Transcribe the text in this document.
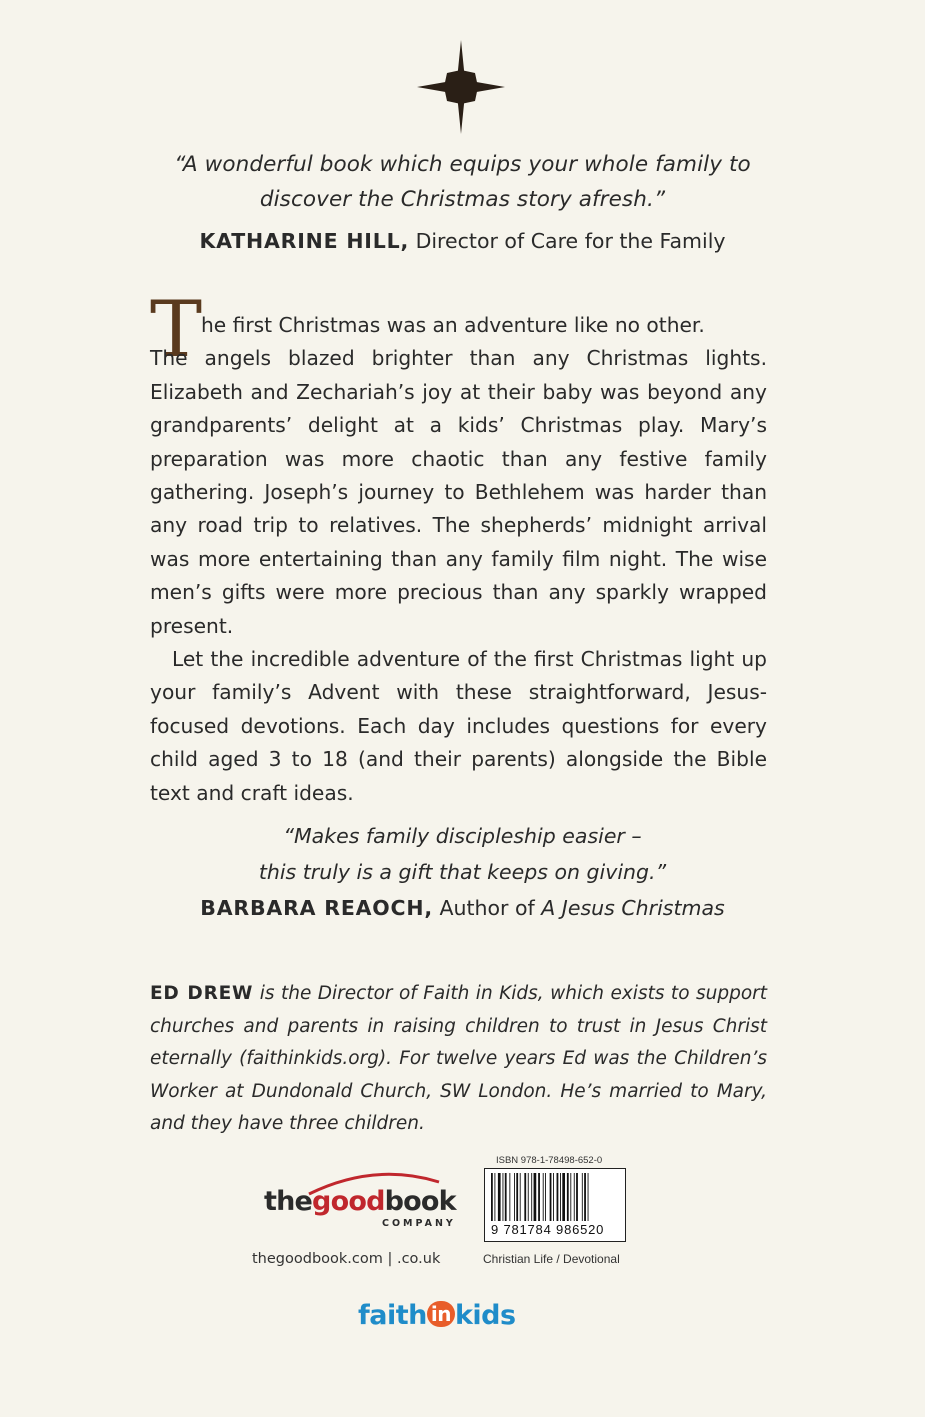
“A wonderful book which equips your whole family to
discover the Christmas story afresh.”
KATHARINE HILL, Director of Care for the Family
T

he first Christmas was an adventure like no other.
The angels blazed brighter than any Christmas lights. Elizabeth and Zechariah’s joy at their baby was beyond any grandparents’ delight at a kids’ Christmas play. Mary’s preparation was more chaotic than any festive family gathering. Joseph’s journey to Bethlehem was harder than any road trip to relatives. The shepherds’ midnight arrival was more entertaining than any family film night. The wise men’s gifts were more precious than any sparkly wrapped present.

Let the incredible adventure of the first Christmas light up your family’s Advent with these straightforward, Jesus-focused devotions. Each day includes questions for every child aged 3 to 18 (and their parents) alongside the Bible text and craft ideas.

“Makes family discipleship easier –
this truly is a gift that keeps on giving.”
BARBARA REAOCH, Author of A Jesus Christmas
ED DREW is the Director of Faith in Kids, which exists to support churches and parents in raising children to trust in Jesus Christ eternally (faithinkids.org). For twelve years Ed was the Children’s Worker at Dundonald Church, SW London. He’s married to Mary, and they have three children.
thegoodbook
COMPANY
thegoodbook.com | .co.uk
ISBN 978-1-78498-652-0
9 781784 986520
Christian Life / Devotional
faith in kids
